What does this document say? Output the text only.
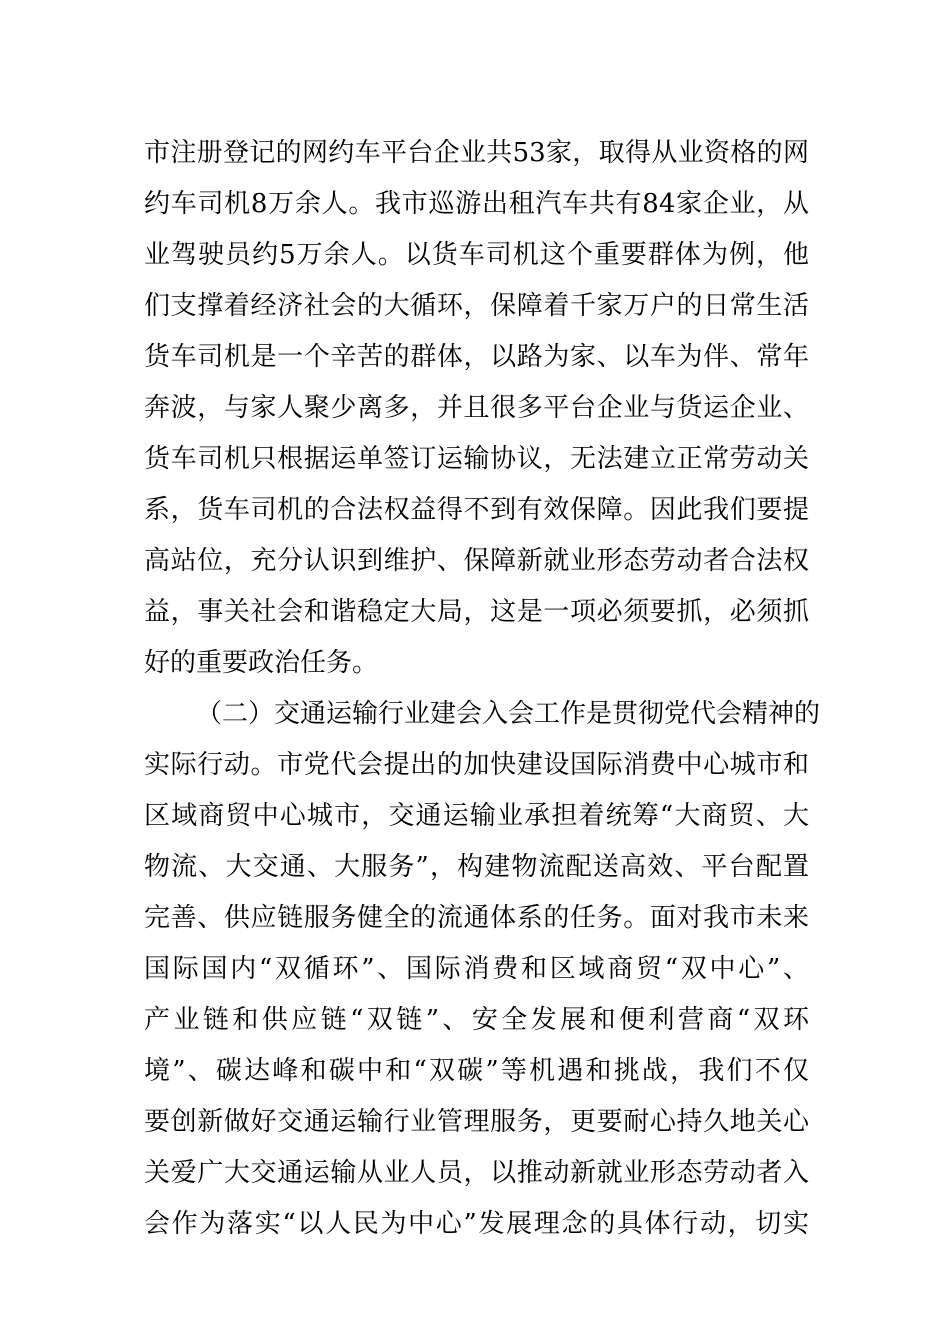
市注册登记的网约车平台企业共53家，取得从业资格的网
约车司机8万余人。我市巡游出租汽车共有84家企业，从
业驾驶员约5万余人。以货车司机这个重要群体为例，他
们支撑着经济社会的大循环，保障着千家万户的日常生活
货车司机是一个辛苦的群体，以路为家、以车为伴、常年
奔波，与家人聚少离多，并且很多平台企业与货运企业、
货车司机只根据运单签订运输协议，无法建立正常劳动关
系，货车司机的合法权益得不到有效保障。因此我们要提
高站位，充分认识到维护、保障新就业形态劳动者合法权
益，事关社会和谐稳定大局，这是一项必须要抓，必须抓
好的重要政治任务。
（二）交通运输行业建会入会工作是贯彻党代会精神的
实际行动。市党代会提出的加快建设国际消费中心城市和
区域商贸中心城市，交通运输业承担着统筹“大商贸、大
物流、大交通、大服务”，构建物流配送高效、平台配置
完善、供应链服务健全的流通体系的任务。面对我市未来
国际国内“双循环”、国际消费和区域商贸“双中心”、
产业链和供应链“双链”、安全发展和便利营商“双环
境”、碳达峰和碳中和“双碳”等机遇和挑战，我们不仅
要创新做好交通运输行业管理服务，更要耐心持久地关心
关爱广大交通运输从业人员，以推动新就业形态劳动者入
会作为落实“以人民为中心”发展理念的具体行动，切实
